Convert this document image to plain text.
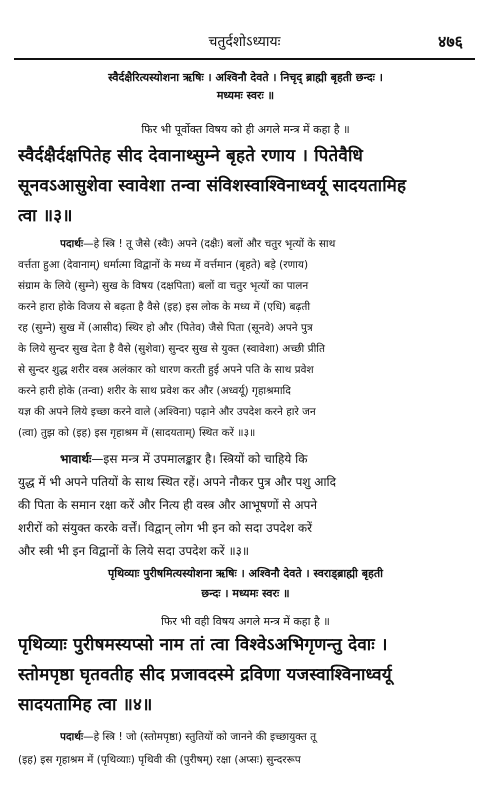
चतुर्दशोऽध्यायः	४७६
स्वैर्दक्षैरित्यस्योशना ऋषिः । अश्विनौ देवते । निचृद् ब्राह्मी बृहती छन्दः ।
मध्यमः स्वरः ॥
फिर भी पूर्वोक्त विषय को ही अगले मन्त्र में कहा है ॥
स्वैर्दक्षैर्दक्षपितेह सीद देवानाथ्सुम्ने बृहते रणाय । पितेवैधि
सूनवऽआसुशेवा स्वावेशा तन्वा संविशस्वाश्विनाध्वर्यू सादयतामिह
त्वा ॥३॥
पदार्थः—हे स्त्रि ! तू जैसे (स्वैः) अपने (दक्षैः) बलों और चतुर भृत्यों के साथ
वर्त्तता हुआ (देवानाम्) धर्मात्मा विद्वानों के मध्य में वर्त्तमान (बृहते) बड़े (रणाय)
संग्राम के लिये (सुम्ने) सुख के विषय (दक्षपिता) बलों वा चतुर भृत्यों का पालन
करने हारा होके विजय से बढ़ता है वैसे (इह) इस लोक के मध्य में (एधि) बढ़ती
रह (सुम्ने) सुख में (आसीद) स्थिर हो और (पितेव) जैसे पिता (सूनवे) अपने पुत्र
के लिये सुन्दर सुख देता है वैसे (सुशेवा) सुन्दर सुख से युक्त (स्वावेशा) अच्छी प्रीति
से सुन्दर शुद्ध शरीर वस्त्र अलंकार को धारण करती हुई अपने पति के साथ प्रवेश
करने हारी होके (तन्वा) शरीर के साथ प्रवेश कर और (अध्वर्यू) गृहाश्रमादि
यज्ञ की अपने लिये इच्छा करने वाले (अश्विना) पढ़ाने और उपदेश करने हारे जन
(त्वा) तुझ को (इह) इस गृहाश्रम में (सादयताम्) स्थित करें ॥३॥
भावार्थः—इस मन्त्र में उपमालङ्कार है। स्त्रियों को चाहिये कि
युद्ध में भी अपने पतियों के साथ स्थित रहें। अपने नौकर पुत्र और पशु आदि
की पिता के समान रक्षा करें और नित्य ही वस्त्र और आभूषणों से अपने
शरीरों को संयुक्त करके वर्त्तें। विद्वान् लोग भी इन को सदा उपदेश करें
और स्त्री भी इन विद्वानों के लिये सदा उपदेश करें ॥३॥
पृथिव्याः पुरीषमित्यस्योशना ऋषिः । अश्विनौ देवते । स्वराड्ब्राह्मी बृहती
छन्दः । मध्यमः स्वरः ॥
फिर भी वही विषय अगले मन्त्र में कहा है ॥
पृथिव्याः पुरीषमस्यप्सो नाम तां त्वा विश्वेऽअभिगृणन्तु देवाः ।
स्तोमपृष्ठा घृतवतीह सीद प्रजावदस्मे द्रविणा यजस्वाश्विनाध्वर्यू
सादयतामिह त्वा ॥४॥
पदार्थः—हे स्त्रि ! जो (स्तोमपृष्ठा) स्तुतियों को जानने की इच्छायुक्त तू
(इह) इस गृहाश्रम में (पृथिव्याः) पृथिवी की (पुरीषम्) रक्षा (अप्सः) सुन्दररूप
